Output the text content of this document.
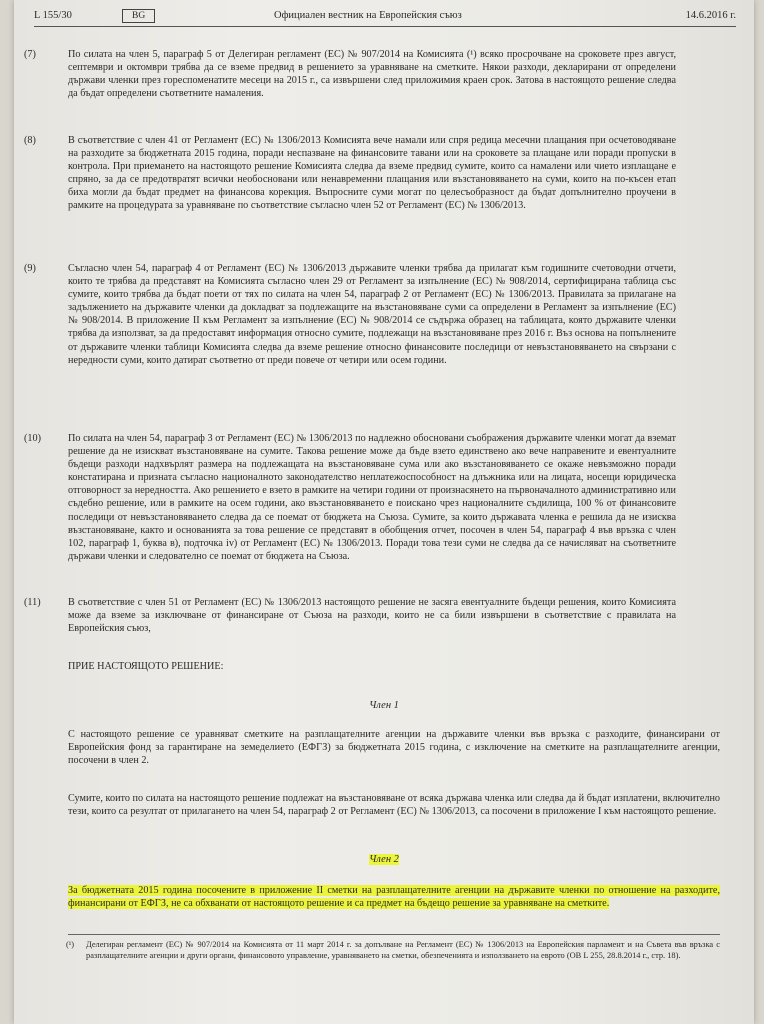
L 155/30	BG	Официален вестник на Европейския съюз	14.6.2016 г.
(7)	По силата на член 5, параграф 5 от Делегиран регламент (ЕС) № 907/2014 на Комисията (¹) всяко просрочване на сроковете през август, септември и октомври трябва да се вземе предвид в решението за уравняване на сметките. Някои разходи, декларирани от определени държави членки през гореспоменатите месеци на 2015 г., са извършени след приложимия краен срок. Затова в настоящото решение следва да бъдат определени съответните намаления.
(8)	В съответствие с член 41 от Регламент (ЕС) № 1306/2013 Комисията вече намали или спря редица месечни плащания при осчетоводяване на разходите за бюджетната 2015 година, поради неспазване на финансовите тавани или на сроковете за плащане или поради пропуски в контрола. При приемането на настоящото решение Комисията следва да вземе предвид сумите, които са намалени или чието изплащане е спряно, за да се предотвратят всички необосновани или ненавременни плащания или възстановяването на суми, които на по-късен етап биха могли да бъдат предмет на финансова корекция. Въпросните суми могат по целесъобразност да бъдат допълнително проучени в рамките на процедурата за уравняване по съответствие съгласно член 52 от Регламент (ЕС) № 1306/2013.
(9)	Съгласно член 54, параграф 4 от Регламент (ЕС) № 1306/2013 държавите членки трябва да прилагат към годишните счетоводни отчети, които те трябва да представят на Комисията съгласно член 29 от Регламент за изпълнение (ЕС) № 908/2014, сертифицирана таблица със сумите, които трябва да бъдат поети от тях по силата на член 54, параграф 2 от Регламент (ЕС) № 1306/2013. Правилата за прилагане на задължението на държавите членки да докладват за подлежащите на възстановяване суми са определени в Регламент за изпълнение (ЕС) № 908/2014. В приложение II към Регламент за изпълнение (ЕС) № 908/2014 се съдържа образец на таблицата, която държавите членки трябва да използват, за да предоставят информация относно сумите, подлежащи на възстановяване през 2016 г. Въз основа на попълнените от държавите членки таблици Комисията следва да вземе решение относно финансовите последици от невъзстановяването на свързани с нередности суми, които датират съответно от преди повече от четири или осем години.
(10)	По силата на член 54, параграф 3 от Регламент (ЕС) № 1306/2013 по надлежно обосновани съображения държавите членки могат да вземат решение да не изискват възстановяване на сумите. Такова решение може да бъде взето единствено ако вече направените и евентуалните бъдещи разходи надхвърлят размера на подлежащата на възстановяване сума или ако възстановяването се окаже невъзможно поради констатирана и призната съгласно националното законодателство неплатежоспособност на длъжника или на лицата, носещи юридическа отговорност за нередността. Ако решението е взето в рамките на четири години от произнасянето на първоначалното административно или съдебно решение, или в рамките на осем години, ако възстановяването е поискано чрез националните съдилища, 100 % от финансовите последици от невъзстановяването следва да се поемат от бюджета на Съюза. Сумите, за които държавата членка е решила да не изисква възстановяване, както и основанията за това решение се представят в обобщения отчет, посочен в член 54, параграф 4 във връзка с член 102, параграф 1, буква в), подточка iv) от Регламент (ЕС) № 1306/2013. Поради това тези суми не следва да се начисляват на съответните държави членки и следователно се поемат от бюджета на Съюза.
(11)	В съответствие с член 51 от Регламент (ЕС) № 1306/2013 настоящото решение не засяга евентуалните бъдещи решения, които Комисията може да вземе за изключване от финансиране от Съюза на разходи, които не са били извършени в съответствие с правилата на Европейския съюз,
ПРИЕ НАСТОЯЩОТО РЕШЕНИЕ:
Член 1
С настоящото решение се уравняват сметките на разплащателните агенции на държавите членки във връзка с разходите, финансирани от Европейския фонд за гарантиране на земеделието (ЕФГЗ) за бюджетната 2015 година, с изключение на сметките на разплащателните агенции, посочени в член 2.
Сумите, които по силата на настоящото решение подлежат на възстановяване от всяка държава членка или следва да й бъдат изплатени, включително тези, които са резултат от прилагането на член 54, параграф 2 от Регламент (ЕС) № 1306/2013, са посочени в приложение I към настоящото решение.
Член 2
За бюджетната 2015 година посочените в приложение II сметки на разплащателните агенции на държавите членки по отношение на разходите, финансирани от ЕФГЗ, не са обхванати от настоящото решение и са предмет на бъдещо решение за уравняване на сметките.
(¹)	Делегиран регламент (ЕС) № 907/2014 на Комисията от 11 март 2014 г. за допълване на Регламент (ЕС) № 1306/2013 на Европейския парламент и на Съвета във връзка с разплащателните агенции и други органи, финансовото управление, уравняването на сметки, обезпеченията и използването на еврото (ОВ L 255, 28.8.2014 г., стр. 18).
